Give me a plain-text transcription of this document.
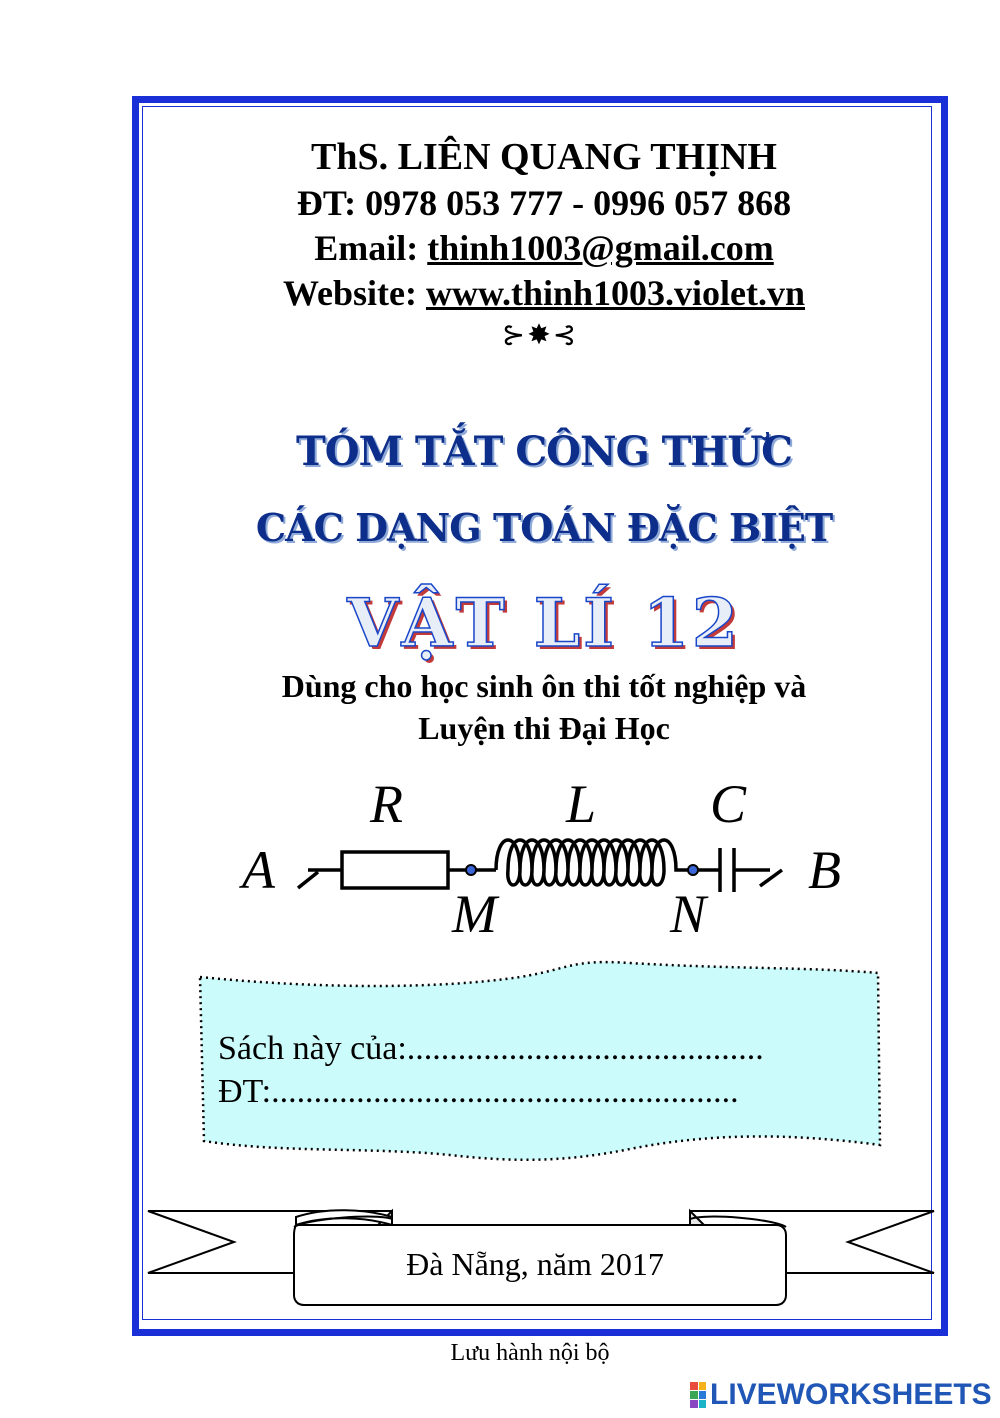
ThS. LIÊN QUANG THỊNH
ĐT: 0978 053 777 - 0996 057 868
Email: thinh1003@gmail.com
Website: www.thinh1003.violet.vn
⊱✸⊰
TÓM TẮT CÔNG THỨC
CÁC DẠNG TOÁN ĐẶC BIỆT
VẬT LÍ 12
Dùng cho học sinh ôn thi tốt nghiệp và
Luyện thi Đại Học
A
R	L C
B
M	N
Sách này của:..........................................
ĐT:.......................................................
Đà Nẵng, năm 2017
Lưu hành nội bộ
LIVEWORKSHEETS
